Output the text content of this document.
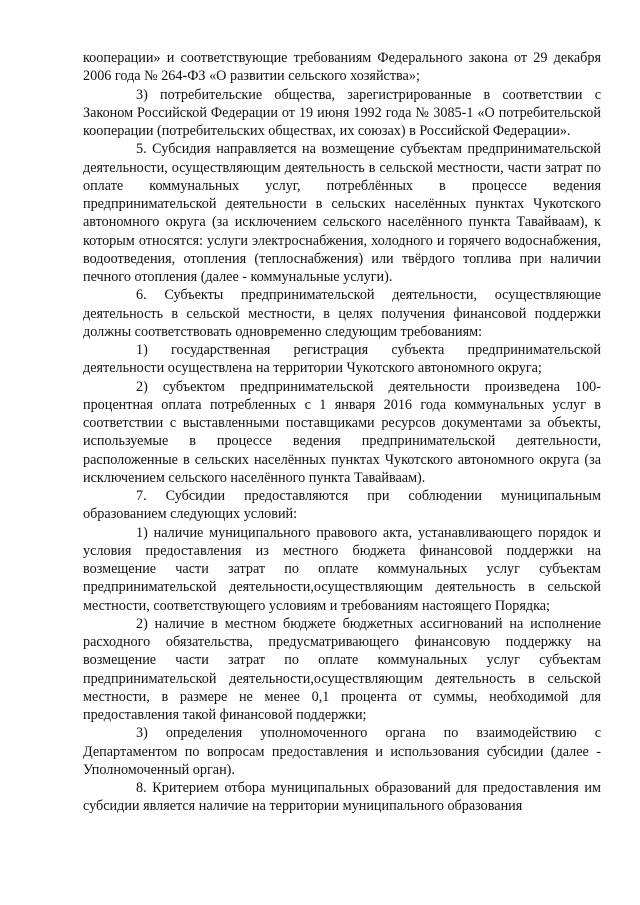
кооперации» и соответствующие требованиям Федерального закона от 29 декабря 2006 года № 264-ФЗ «О развитии сельского хозяйства»;

3) потребительские общества, зарегистрированные в соответствии с Законом Российской Федерации от 19 июня 1992 года № 3085-1 «О потребительской кооперации (потребительских обществах, их союзах) в Российской Федерации».

5. Субсидия направляется на возмещение субъектам предпринимательской деятельности, осуществляющим деятельность в сельской местности, части затрат по оплате коммунальных услуг, потреблённых в процессе ведения предпринимательской деятельности в сельских населённых пунктах Чукотского автономного округа (за исключением сельского населённого пункта Тавайваам), к которым относятся: услуги электроснабжения, холодного и горячего водоснабжения, водоотведения, отопления (теплоснабжения) или твёрдого топлива при наличии печного отопления (далее - коммунальные услуги).

6. Субъекты предпринимательской деятельности, осуществляющие деятельность в сельской местности, в целях получения финансовой поддержки должны соответствовать одновременно следующим требованиям:

1) государственная регистрация субъекта предпринимательской деятельности осуществлена на территории Чукотского автономного округа;

2) субъектом предпринимательской деятельности произведена 100-процентная оплата потребленных с 1 января 2016 года коммунальных услуг в соответствии с выставленными поставщиками ресурсов документами за объекты, используемые в процессе ведения предпринимательской деятельности, расположенные в сельских населённых пунктах Чукотского автономного округа (за исключением сельского населённого пункта Тавайваам).

7. Субсидии предоставляются при соблюдении муниципальным образованием следующих условий:

1) наличие муниципального правового акта, устанавливающего порядок и условия предоставления из местного бюджета финансовой поддержки на возмещение части затрат по оплате коммунальных услуг субъектам предпринимательской деятельности,осуществляющим деятельность в сельской местности, соответствующего условиям и требованиям настоящего Порядка;

2) наличие в местном бюджете бюджетных ассигнований на исполнение расходного обязательства, предусматривающего финансовую поддержку на возмещение части затрат по оплате коммунальных услуг субъектам предпринимательской деятельности,осуществляющим деятельность в сельской местности, в размере не менее 0,1 процента от суммы, необходимой для предоставления такой финансовой поддержки;

3) определения уполномоченного органа по взаимодействию с Департаментом по вопросам предоставления и использования субсидии (далее - Уполномоченный орган).

8. Критерием отбора муниципальных образований для предоставления им субсидии является наличие на территории муниципального образования
